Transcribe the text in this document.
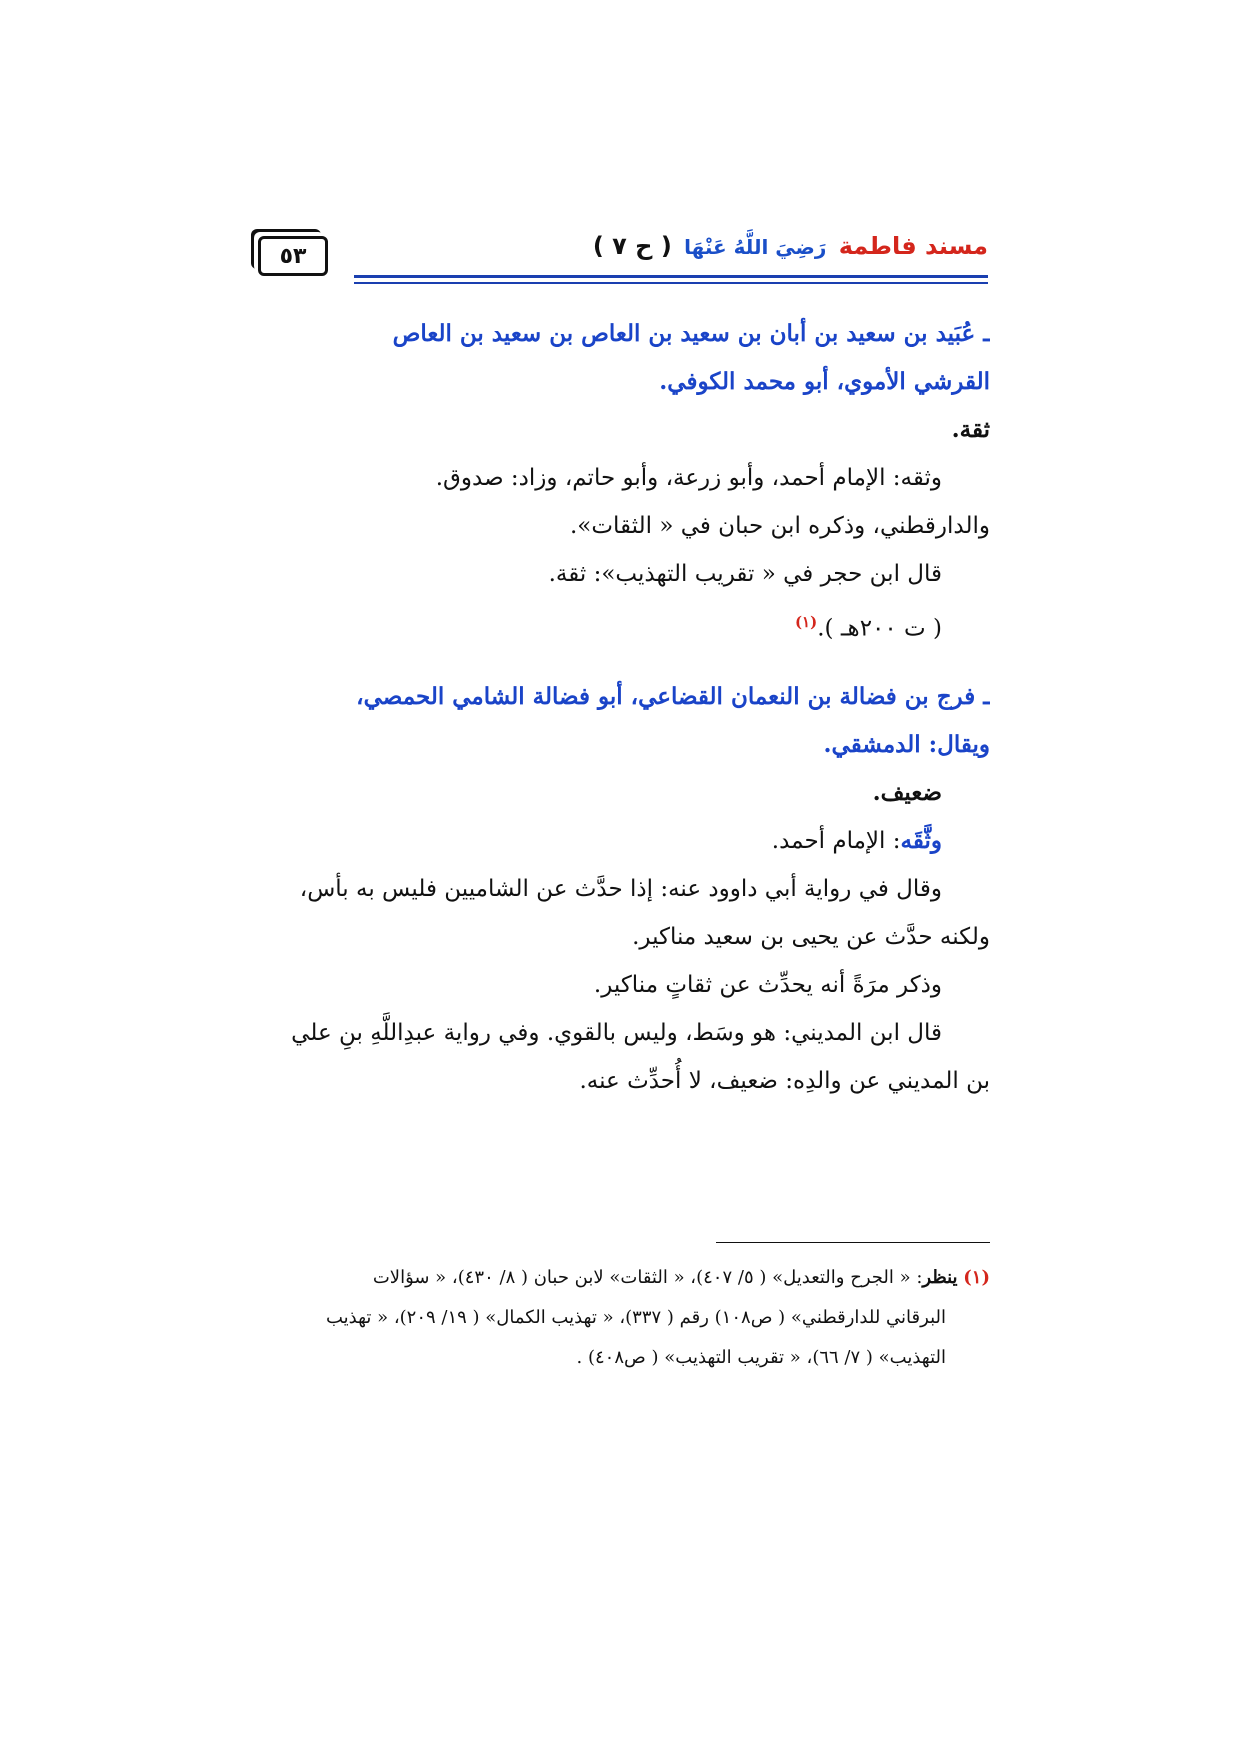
٥٣	مسند فاطمة رَضِيَ اللَّهُ عَنْهَا ( ح ٧ )
ـ عُبَيد بن سعيد بن أبان بن سعيد بن العاص بن سعيد بن العاص
القرشي الأموي، أبو محمد الكوفي.
ثقة.
وثقه: الإمام أحمد، وأبو زرعة، وأبو حاتم، وزاد: صدوق.
والدارقطني، وذكره ابن حبان في « الثقات».
قال ابن حجر في « تقريب التهذيب»: ثقة.
( ت ٢٠٠هـ ).$^{(١)}$
ـ فرج بن فضالة بن النعمان القضاعي، أبو فضالة الشامي الحمصي،
ويقال: الدمشقي.
ضعيف.
وثَّقَه: الإمام أحمد.
وقال في رواية أبي داوود عنه: إذا حدَّث عن الشاميين فليس به بأس،
ولكنه حدَّث عن يحيى بن سعيد مناكير.
وذكر مرَةً أنه يحدِّث عن ثقاتٍ مناكير.
قال ابن المديني: هو وسَط، وليس بالقوي. وفي رواية عبدِاللَّهِ بنِ علي
بن المديني عن والدِه: ضعيف، لا أُحدِّث عنه.
(١) ينظر: « الجرح والتعديل» ( ٥/ ٤٠٧)، « الثقات» لابن حبان ( ٨/ ٤٣٠)، « سؤالات
البرقاني للدارقطني» ( ص١٠٨) رقم ( ٣٣٧)، « تهذيب الكمال» ( ١٩/ ٢٠٩)، « تهذيب
التهذيب» ( ٧/ ٦٦)، « تقريب التهذيب» ( ص٤٠٨) .
